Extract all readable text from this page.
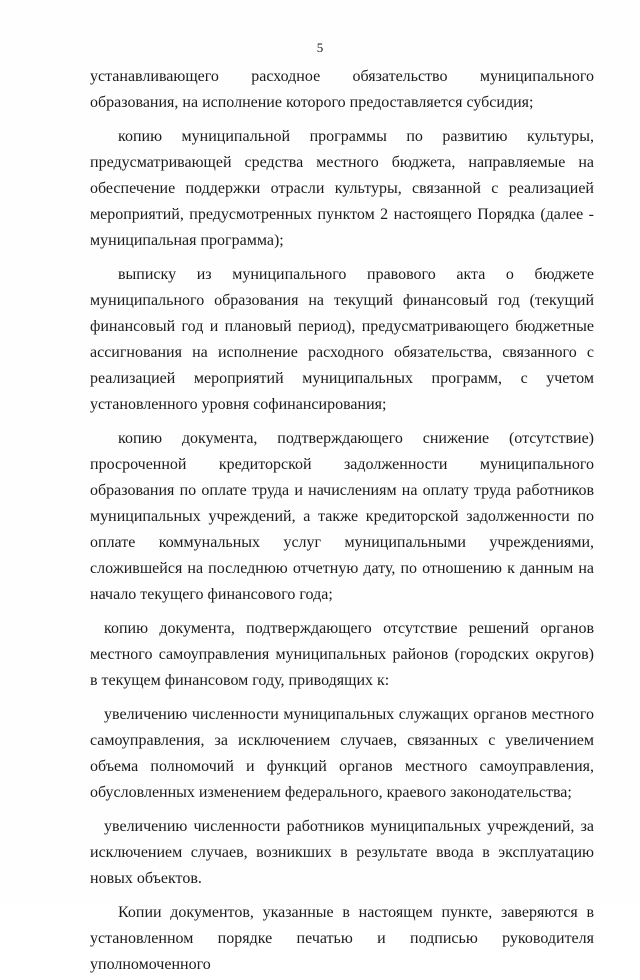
5

устанавливающего расходное обязательство муниципального образования, на исполнение которого предоставляется субсидия;

копию муниципальной программы по развитию культуры, предусматривающей средства местного бюджета, направляемые на обеспечение поддержки отрасли культуры, связанной с реализацией мероприятий, предусмотренных пунктом 2 настоящего Порядка (далее - муниципальная программа);

выписку из муниципального правового акта о бюджете муниципального образования на текущий финансовый год (текущий финансовый год и плановый период), предусматривающего бюджетные ассигнования на исполнение расходного обязательства, связанного с реализацией мероприятий муниципальных программ, с учетом установленного уровня софинансирования;

копию документа, подтверждающего снижение (отсутствие) просроченной кредиторской задолженности муниципального образования по оплате труда и начислениям на оплату труда работников муниципальных учреждений, а также кредиторской задолженности по оплате коммунальных услуг муниципальными учреждениями, сложившейся на последнюю отчетную дату, по отношению к данным на начало текущего финансового года;

копию документа, подтверждающего отсутствие решений органов местного самоуправления муниципальных районов (городских округов) в текущем финансовом году, приводящих к:

увеличению численности муниципальных служащих органов местного самоуправления, за исключением случаев, связанных с увеличением объема полномочий и функций органов местного самоуправления, обусловленных изменением федерального, краевого законодательства;

увеличению численности работников муниципальных учреждений, за исключением случаев, возникших в результате ввода в эксплуатацию новых объектов.

Копии документов, указанные в настоящем пункте, заверяются в установленном порядке печатью и подписью руководителя уполномоченного
